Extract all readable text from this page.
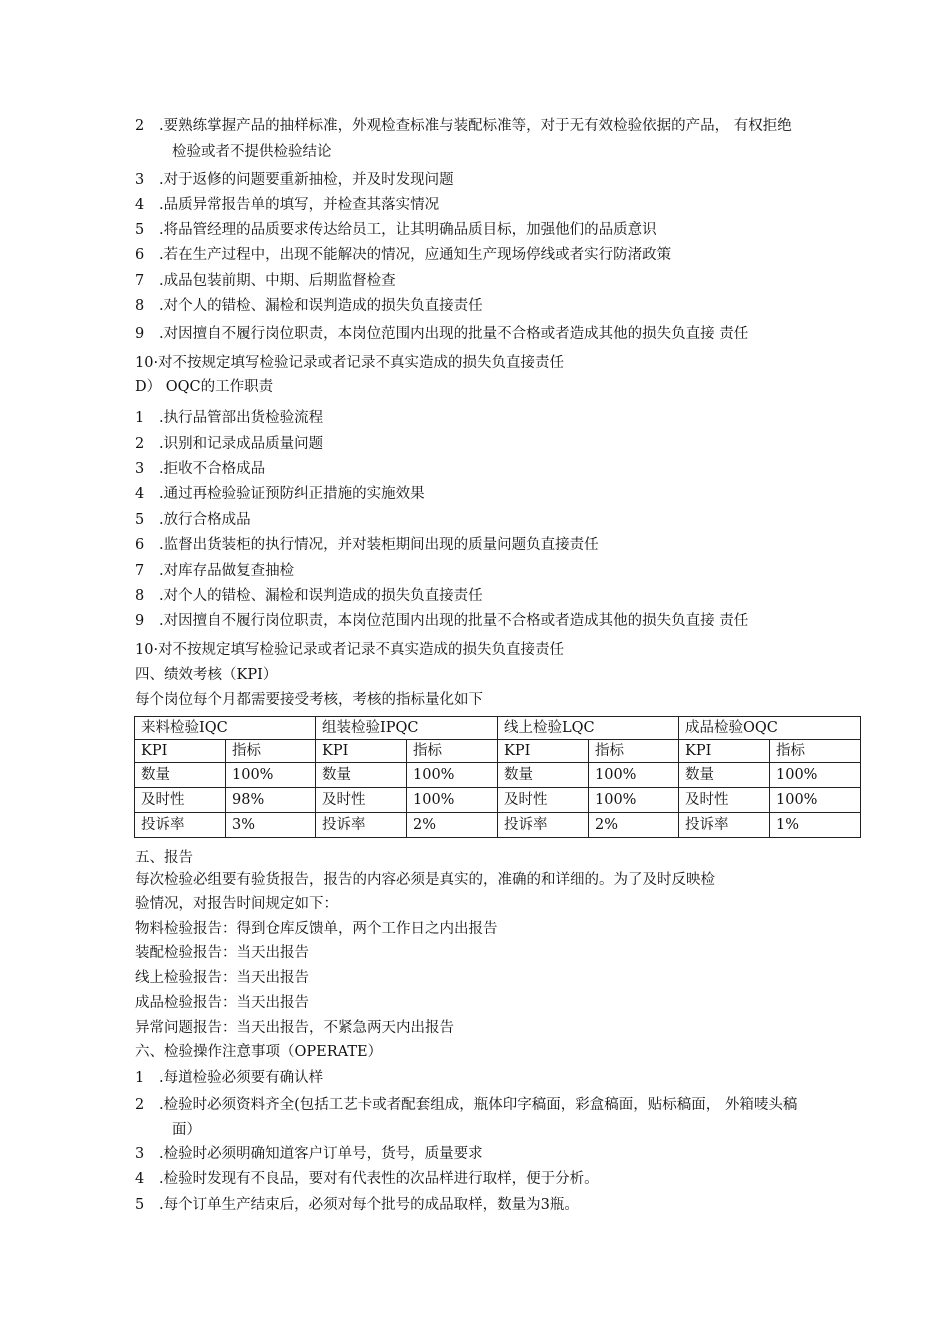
2 .要熟练掌握产品的抽样标准，外观检查标准与装配标准等，对于无有效检验依据的产品， 有权拒绝
检验或者不提供检验结论
3 .对于返修的问题要重新抽检，并及时发现问题
4 .品质异常报告单的填写，并检查其落实情况
5 .将品管经理的品质要求传达给员工，让其明确品质目标，加强他们的品质意识
6 .若在生产过程中，出现不能解决的情况，应通知生产现场停线或者实行防渚政策
7 .成品包装前期、中期、后期监督检查
8 .对个人的错检、漏检和误判造成的损失负直接责任
9 .对因擅自不履行岗位职责，本岗位范围内出现的批量不合格或者造成其他的损失负直接 责任
10·对不按规定填写检验记录或者记录不真实造成的损失负直接责任
D） OQC的工作职责
1 .执行品管部出货检验流程
2 .识别和记录成品质量问题
3 .拒收不合格成品
4 .通过再检验验证预防纠正措施的实施效果
5 .放行合格成品
6 .监督出货装柜的执行情况，并对装柜期间出现的质量问题负直接责任
7 .对库存品做复查抽检
8 .对个人的错检、漏检和误判造成的损失负直接责任
9 .对因擅自不履行岗位职责，本岗位范围内出现的批量不合格或者造成其他的损失负直接 责任
10·对不按规定填写检验记录或者记录不真实造成的损失负直接责任
四、绩效考核（KPI）
每个岗位每个月都需要接受考核，考核的指标量化如下
来料检验IQC		组装检验IPQC		线上检验LQC		成品检验OQC	
KPI	指标	KPI	指标	KPI	指标	KPI	指标
数量	100%	数量	100%	数量	100%	数量	100%
及时性	98%	及时性	100%	及时性	100%	及时性	100%
投诉率	3%	投诉率	2%	投诉率	2%	投诉率	1%
五、报告
每次检验必组要有验货报告，报告的内容必须是真实的，准确的和详细的。为了及时反映检
验情况，对报告时间规定如下：
物料检验报告：得到仓库反馈单，两个工作日之内出报告
装配检验报告：当天出报告
线上检验报告：当天出报告
成品检验报告：当天出报告
异常问题报告：当天出报告，不紧急两天内出报告
六、检验操作注意事项（OPERATE）
1 .每道检验必须要有确认样
2 .检验时必须资料齐全(包括工艺卡或者配套组成，瓶体印字稿面，彩盒稿面，贴标稿面， 外箱唛头稿
面）
3 .检验时必须明确知道客户订单号，货号，质量要求
4 .检验时发现有不良品，要对有代表性的次品样进行取样，便于分析。
5 .每个订单生产结束后，必须对每个批号的成品取样，数量为3瓶。
